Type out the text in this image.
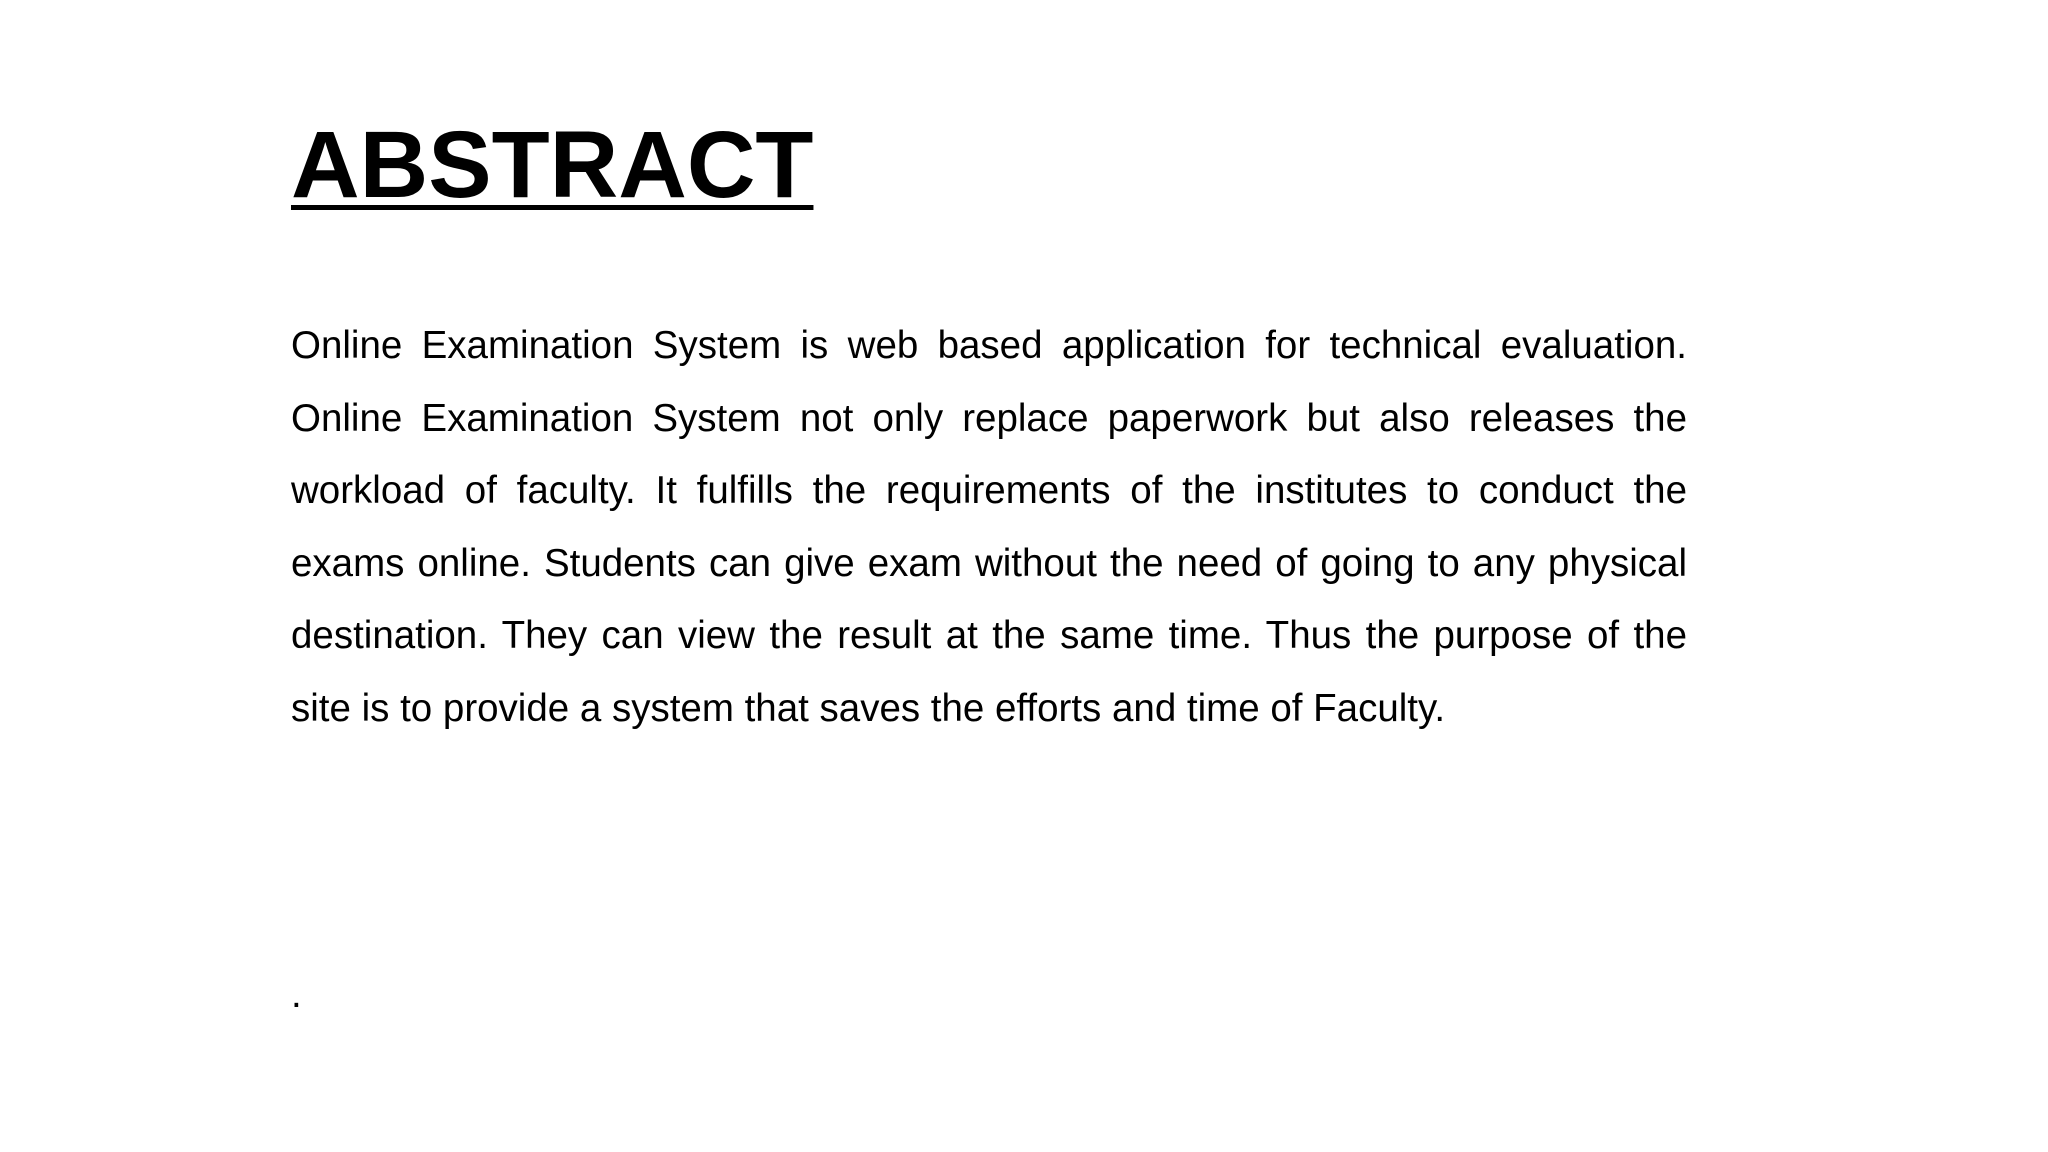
ABSTRACT

Online Examination System is web based application for technical evaluation. Online Examination System not only replace paperwork but also releases the workload of faculty. It fulfills the requirements of the institutes to conduct the exams online. Students can give exam without the need of going to any physical destination. They can view the result at the same time. Thus the purpose of the site is to provide a system that saves the efforts and time of Faculty.

.
